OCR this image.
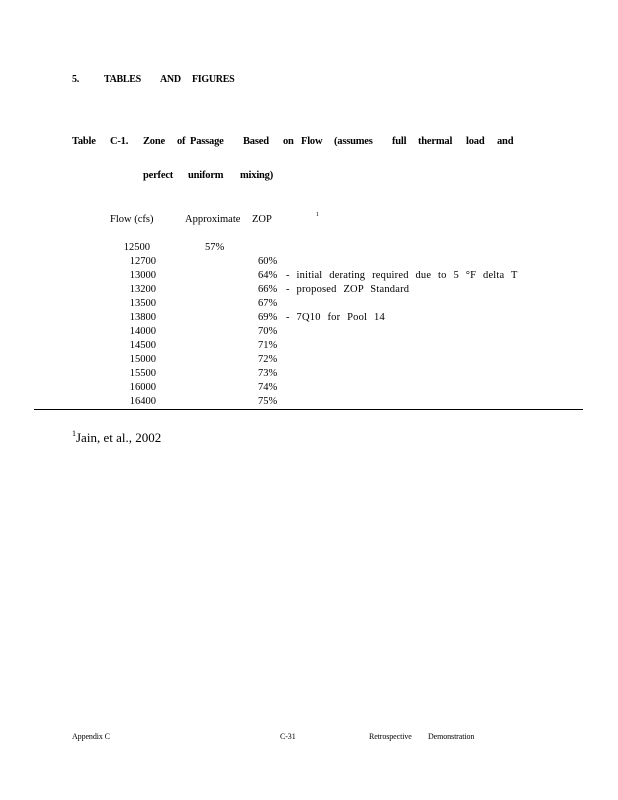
5.	TABLES AND FIGURES
Table C-1. Zone of Passage Based on Flow (assumes full thermal load and
perfect uniform mixing)
Flow (cfs)	Approximate ZOP	1
12500	57%
12700	60%
13000	64% - initial derating required due to 5 °F delta T
13200	66% - proposed ZOP Standard
13500	67%
13800	69% - 7Q10 for Pool 14
14000	70%
14500	71%
15000	72%
15500	73%
16000	74%
16400	75%
$^1$Jain, et al., 2002
Appendix C	C-31	Retrospective Demonstration
